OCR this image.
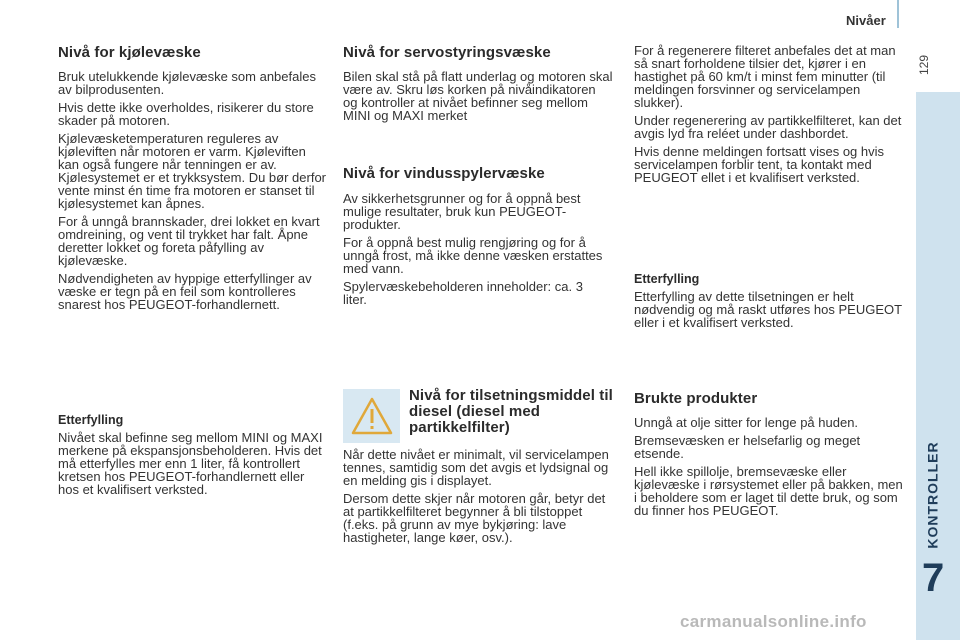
Nivåer
129
KONTROLLER
7
Nivå for kjølevæske

Bruk utelukkende kjølevæske som anbefales av bilprodusenten.

Hvis dette ikke overholdes, risikerer du store skader på motoren.

Kjølevæsketemperaturen reguleres av kjøleviften når motoren er varm. Kjøleviften kan også fungere når tenningen er av. Kjølesystemet er et trykksystem. Du bør derfor vente minst én time fra motoren er stanset til kjølesystemet kan åpnes.

For å unngå brannskader, drei lokket en kvart omdreining, og vent til trykket har falt. Åpne deretter lokket og foreta påfylling av kjølevæske.

Nødvendigheten av hyppige etterfyllinger av væske er tegn på en feil som kontrolleres snarest hos PEUGEOT-forhandlernett.

Etterfylling

Nivået skal befinne seg mellom MINI og MAXI merkene på ekspansjonsbeholderen. Hvis det må etterfylles mer enn 1 liter, få kontrollert kretsen hos PEUGEOT-forhandlernett eller hos et kvalifisert verksted.

Nivå for servostyringsvæske

Bilen skal stå på flatt underlag og motoren skal være av. Skru løs korken på nivåindikatoren og kontroller at nivået befinner seg mellom MINI og MAXI merket

Nivå for vindusspylervæske

Av sikkerhetsgrunner og for å oppnå best mulige resultater, bruk kun PEUGEOT-produkter.

For å oppnå best mulig rengjøring og for å unngå frost, må ikke denne væsken erstattes med vann.

Spylervæskebeholderen inneholder: ca. 3 liter.

Nivå for tilsetningsmiddel til diesel (diesel med partikkelfilter)

Når dette nivået er minimalt, vil servicelampen tennes, samtidig som det avgis et lydsignal og en melding gis i displayet.

Dersom dette skjer når motoren går, betyr det at partikkelfilteret begynner å bli tilstoppet (f.eks. på grunn av mye bykjøring: lave hastigheter, lange køer, osv.).

For å regenerere filteret anbefales det at man så snart forholdene tilsier det, kjører i en hastighet på 60 km/t i minst fem minutter (til meldingen forsvinner og servicelampen slukker).

Under regenerering av partikkelfilteret, kan det avgis lyd fra reléet under dashbordet.

Hvis denne meldingen fortsatt vises og hvis servicelampen forblir tent, ta kontakt med PEUGEOT ellet i et kvalifisert verksted.

Etterfylling

Etterfylling av dette tilsetningen er helt nødvendig og må raskt utføres hos PEUGEOT eller i et kvalifisert verksted.

Brukte produkter

Unngå at olje sitter for lenge på huden.

Bremsevæsken er helsefarlig og meget etsende.

Hell ikke spillolje, bremsevæske eller kjølevæske i rørsystemet eller på bakken, men i beholdere som er laget til dette bruk, og som du finner hos PEUGEOT.

carmanualsonline.info
